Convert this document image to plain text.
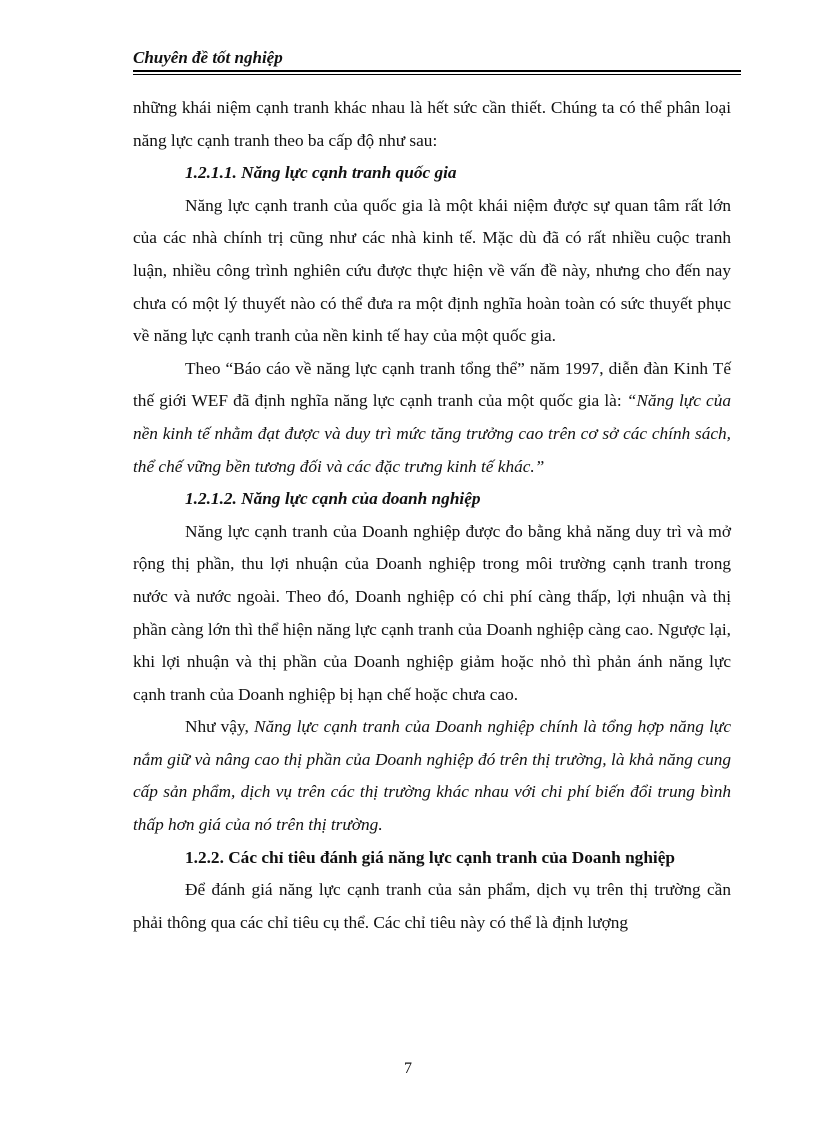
Chuyên đề tốt nghiệp

những khái niệm cạnh tranh khác nhau là hết sức cần thiết. Chúng ta có thể phân loại năng lực cạnh tranh theo ba cấp độ như sau:

1.2.1.1. Năng lực cạnh tranh quốc gia

Năng lực cạnh tranh của quốc gia là một khái niệm được sự quan tâm rất lớn của các nhà chính trị cũng như các nhà kinh tế. Mặc dù đã có rất nhiều cuộc tranh luận, nhiều công trình nghiên cứu được thực hiện về vấn đề này, nhưng cho đến nay chưa có một lý thuyết nào có thể đưa ra một định nghĩa hoàn toàn có sức thuyết phục về năng lực cạnh tranh của nền kinh tế hay của một quốc gia.

Theo “Báo cáo về năng lực cạnh tranh tổng thể” năm 1997, diễn đàn Kinh Tế thế giới WEF đã định nghĩa năng lực cạnh tranh của một quốc gia là: “Năng lực của nền kinh tế nhằm đạt được và duy trì mức tăng trưởng cao trên cơ sở các chính sách, thể chế vững bền tương đối và các đặc trưng kinh tế khác.”

1.2.1.2. Năng lực cạnh của doanh nghiệp

Năng lực cạnh tranh của Doanh nghiệp được đo bằng khả năng duy trì và mở rộng thị phần, thu lợi nhuận của Doanh nghiệp trong môi trường cạnh tranh trong nước và nước ngoài. Theo đó, Doanh nghiệp có chi phí càng thấp, lợi nhuận và thị phần càng lớn thì thể hiện năng lực cạnh tranh của Doanh nghiệp càng cao. Ngược lại, khi lợi nhuận và thị phần của Doanh nghiệp giảm hoặc nhỏ thì phản ánh năng lực cạnh tranh của Doanh nghiệp bị hạn chế hoặc chưa cao.

Như vậy, Năng lực cạnh tranh của Doanh nghiệp chính là tổng hợp năng lực nắm giữ và nâng cao thị phần của Doanh nghiệp đó trên thị trường, là khả năng cung cấp sản phẩm, dịch vụ trên các thị trường khác nhau với chi phí biến đổi trung bình thấp hơn giá của nó trên thị trường.

1.2.2. Các chỉ tiêu đánh giá năng lực cạnh tranh của Doanh nghiệp

Để đánh giá năng lực cạnh tranh của sản phẩm, dịch vụ trên thị trường cần phải thông qua các chỉ tiêu cụ thể. Các chỉ tiêu này có thể là định lượng

7
